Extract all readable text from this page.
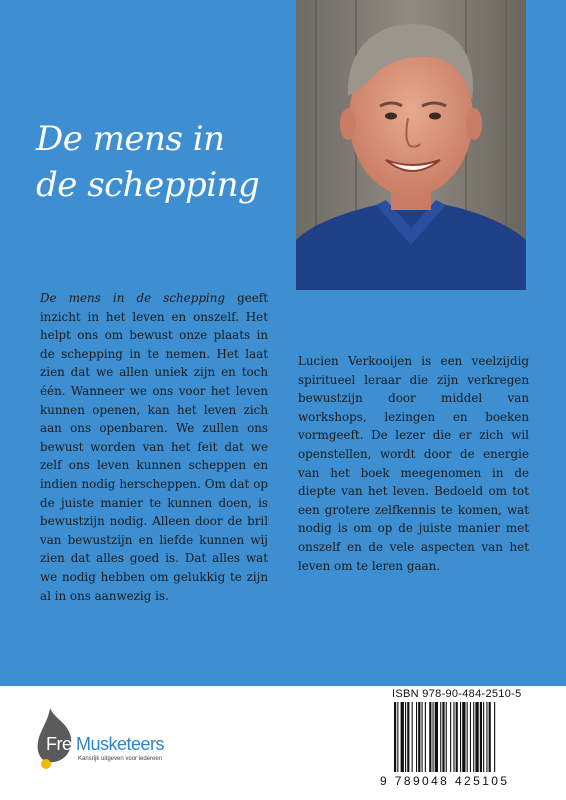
De mens in
de schepping
De mens in de schepping geeft inzicht in het leven en onszelf. Het helpt ons om bewust onze plaats in de schepping in te nemen. Het laat zien dat we allen uniek zijn en toch één. Wanneer we ons voor het leven kunnen openen, kan het leven zich aan ons openbaren. We zullen ons bewust worden van het feit dat we zelf ons leven kunnen scheppen en indien nodig herscheppen. Om dat op de juiste manier te kunnen doen, is bewustzijn nodig. Alleen door de bril van bewustzijn en liefde kunnen wij zien dat alles goed is. Dat alles wat we nodig hebben om gelukkig te zijn al in ons aanwezig is.
Lucien Verkooijen is een veelzijdig spiritueel leraar die zijn verkregen bewustzijn door middel van workshops, lezingen en boeken vormgeeft. De lezer die er zich wil openstellen, wordt door de energie van het boek meegenomen in de diepte van het leven. Bedoeld om tot een grotere zelfkennis te komen, wat nodig is om op de juiste manier met onszelf en de vele aspecten van het leven om te leren gaan.
Free
Musketeers
Kansrijk uitgeven voor iedereen
ISBN 978-90-484-2510-5
9 789048 425105
